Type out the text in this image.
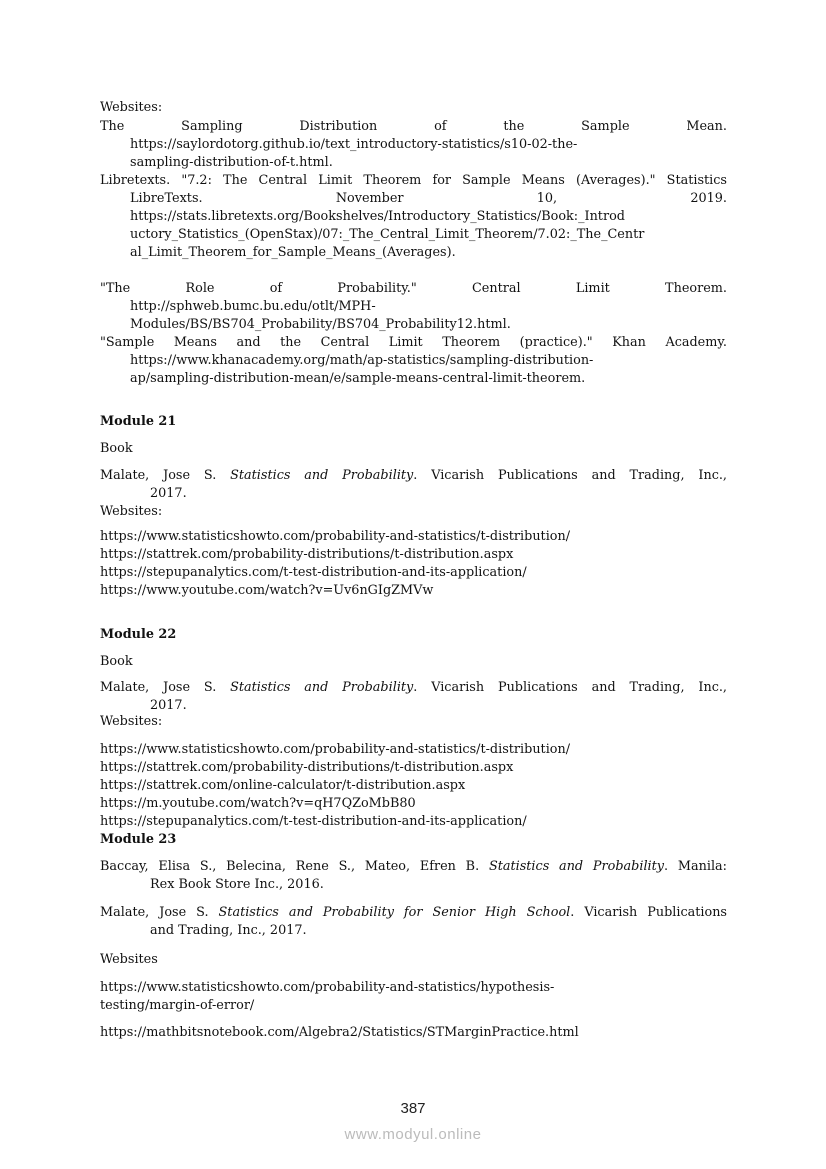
Websites:
The Sampling Distribution of the Sample Mean.
https://saylordotorg.github.io/text_introductory-statistics/s10-02-the-
sampling-distribution-of-t.html.
Libretexts. "7.2: The Central Limit Theorem for Sample Means (Averages)." Statistics
LibreTexts. November 10, 2019.
https://stats.libretexts.org/Bookshelves/Introductory_Statistics/Book:_Introd
uctory_Statistics_(OpenStax)/07:_The_Central_Limit_Theorem/7.02:_The_Centr
al_Limit_Theorem_for_Sample_Means_(Averages).
"The Role of Probability." Central Limit Theorem.
http://sphweb.bumc.bu.edu/otlt/MPH-
Modules/BS/BS704_Probability/BS704_Probability12.html.
"Sample Means and the Central Limit Theorem (practice)." Khan Academy.
https://www.khanacademy.org/math/ap-statistics/sampling-distribution-
ap/sampling-distribution-mean/e/sample-means-central-limit-theorem.
Module 21
Book
Malate, Jose S. Statistics and Probability. Vicarish Publications and Trading, Inc.,
2017.
Websites:
https://www.statisticshowto.com/probability-and-statistics/t-distribution/
https://stattrek.com/probability-distributions/t-distribution.aspx
https://stepupanalytics.com/t-test-distribution-and-its-application/
https://www.youtube.com/watch?v=Uv6nGIgZMVw
Module 22
Book
Malate, Jose S. Statistics and Probability. Vicarish Publications and Trading, Inc.,
2017.
Websites:
https://www.statisticshowto.com/probability-and-statistics/t-distribution/
https://stattrek.com/probability-distributions/t-distribution.aspx
https://stattrek.com/online-calculator/t-distribution.aspx
https://m.youtube.com/watch?v=qH7QZoMbB80
https://stepupanalytics.com/t-test-distribution-and-its-application/
Module 23
Baccay, Elisa S., Belecina, Rene S., Mateo, Efren B. Statistics and Probability. Manila:
Rex Book Store Inc., 2016.
Malate, Jose S. Statistics and Probability for Senior High School. Vicarish Publications
and Trading, Inc., 2017.
Websites
https://www.statisticshowto.com/probability-and-statistics/hypothesis-
testing/margin-of-error/
https://mathbitsnotebook.com/Algebra2/Statistics/STMarginPractice.html
387
www.modyul.online
